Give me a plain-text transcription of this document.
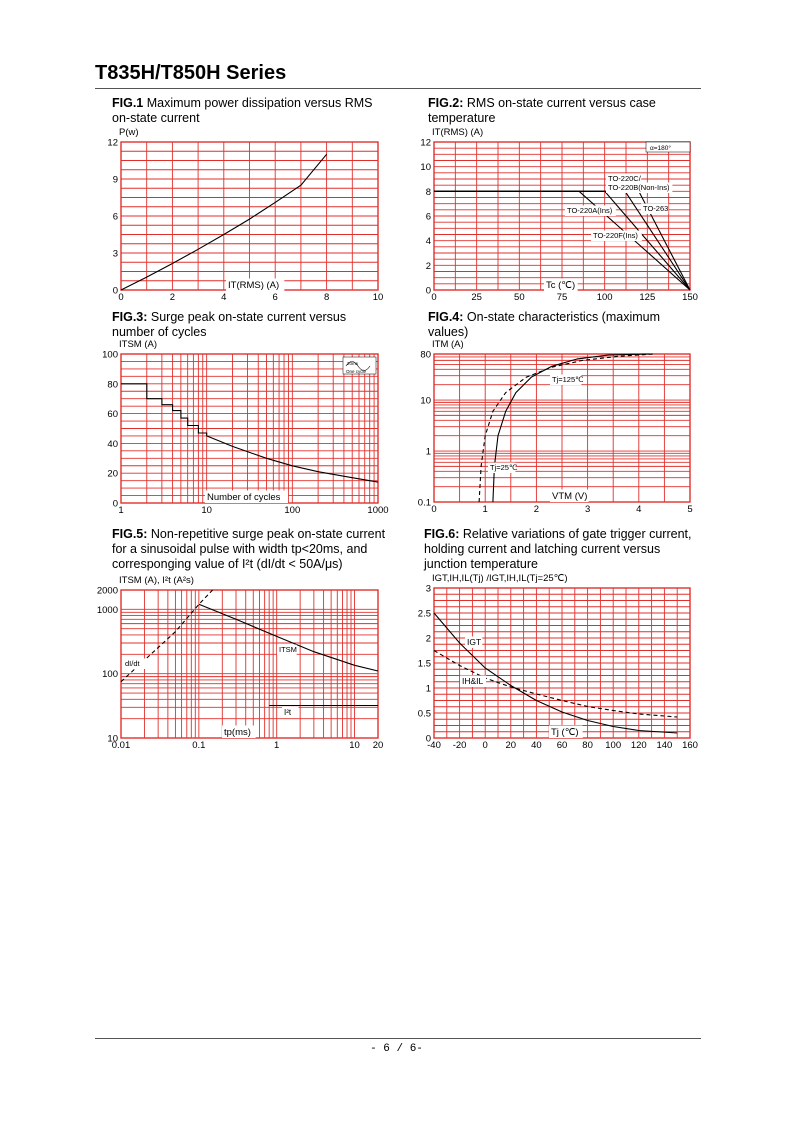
T835H/T850H Series
FIG.1 Maximum power dissipation versus RMS on-state current
FIG.2: RMS on-state current versus case temperature
FIG.3: Surge peak on-state current versus number of cycles
FIG.4: On-state characteristics (maximum values)
FIG.5: Non-repetitive surge peak on-state current for a sinusoidal pulse with width tp<20ms, and corresponging value of I²t (dI/dt < 50A/μs)
FIG.6: Relative variations of gate trigger current, holding current and latching current versus junction temperature
0	2	4	6	8	10
0
3
6
9
12
P(w)
IT(RMS) (A)
0	25	50	75	100	125	150
0
2
4
6
8
10
12
IT(RMS) (A)
Tc (℃)
α=180°
TO-220C/
TO-220B(Non-Ins)
TO-263
TO-220A(Ins)
TO-220F(Ins)
1	10	100	1000
0
20
40
60
80
100
ITSM (A)
Number of cycles
20ms
One cycle
0	1	2	3	4	5
0.1
1
10
80
ITM (A)
VTM (V)
Tj=125℃
Tj=25℃
0.01	0.1	1	10 20
10
100
1000
2000
ITSM (A), I²t (A²s)
tp(ms)
dI/dt
ITSM
I²t
-40 -20 0 20 40 60 80 100 120 140 160
0
0.5
1
1.5
2
2.5
3
IGT,IH,IL(Tj) /IGT,IH,IL(Tj=25℃)
Tj (℃)
IGT
IH&IL
- 6 / 6-
